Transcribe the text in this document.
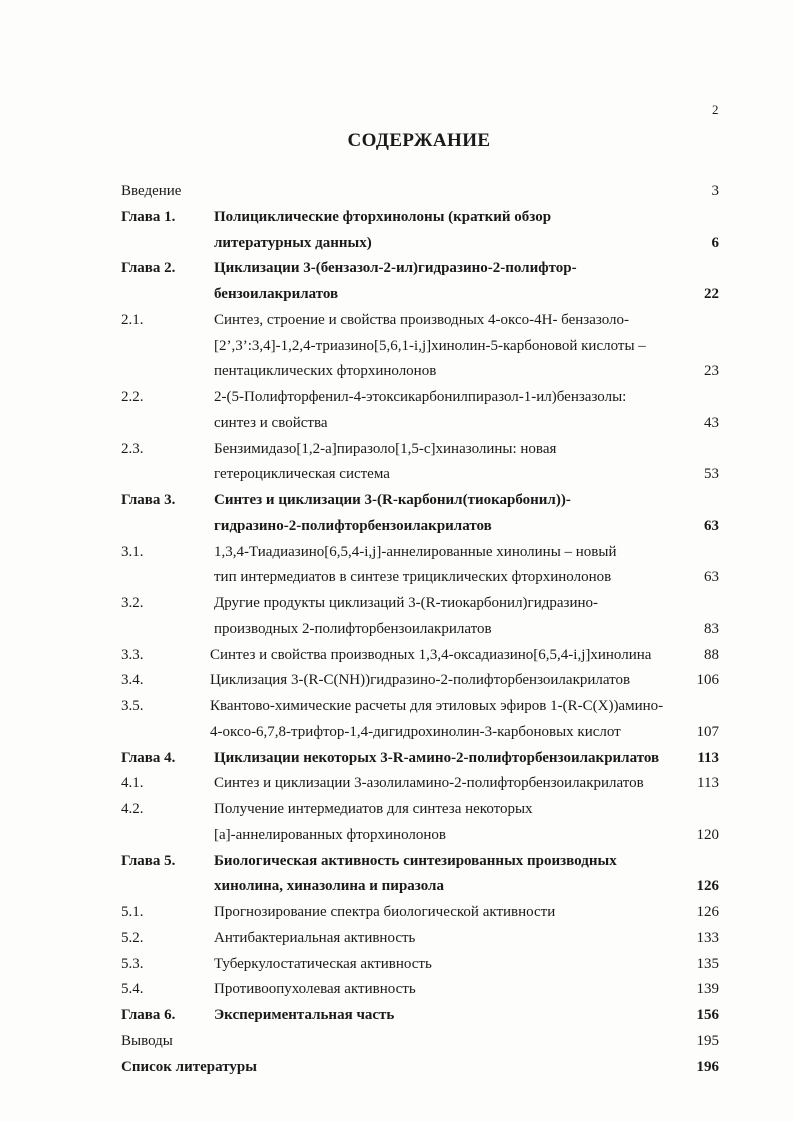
2
СОДЕРЖАНИЕ
Введение	3
Глава 1.	Полициклические фторхинолоны (краткий обзор
литературных данных)	6
Глава 2.	Циклизации 3-(бензазол-2-ил)гидразино-2-полифтор-
бензоилакрилатов	22
2.1.	Синтез, строение и свойства производных 4-оксо-4H- бензазоло-
[2’,3’:3,4]-1,2,4-триазино[5,6,1-i,j]хинолин-5-карбоновой кислоты –
пентациклических фторхинолонов	23
2.2.	2-(5-Полифторфенил-4-этоксикарбонилпиразол-1-ил)бензазолы:
синтез и свойства	43
2.3.	Бензимидазо[1,2-a]пиразоло[1,5-c]хиназолины: новая
гетероциклическая система	53
Глава 3.	Синтез и циклизации 3-(R-карбонил(тиокарбонил))-
гидразино-2-полифторбензоилакрилатов	63
3.1.	1,3,4-Тиадиазино[6,5,4-i,j]-аннелированные хинолины – новый
тип интермедиатов в синтезе трициклических фторхинолонов	63
3.2.	Другие продукты циклизаций 3-(R-тиокарбонил)гидразино-
производных 2-полифторбензоилакрилатов	83
3.3.	Синтез и свойства производных 1,3,4-оксадиазино[6,5,4-i,j]хинолина	88
3.4.	Циклизация 3-(R-C(NH))гидразино-2-полифторбензоилакрилатов	106
3.5.	Квантово-химические расчеты для этиловых эфиров 1-(R-C(X))амино-
4-оксо-6,7,8-трифтор-1,4-дигидрохинолин-3-карбоновых кислот	107
Глава 4.	Циклизации некоторых 3-R-амино-2-полифторбензоилакрилатов	113
4.1.	Синтез и циклизации 3-азолиламино-2-полифторбензоилакрилатов	113
4.2.	Получение интермедиатов для синтеза некоторых
[a]-аннелированных фторхинолонов	120
Глава 5.	Биологическая активность синтезированных производных
хинолина, хиназолина и пиразола	126
5.1.	Прогнозирование спектра биологической активности	126
5.2.	Антибактериальная активность	133
5.3.	Туберкулостатическая активность	135
5.4.	Противоопухолевая активность	139
Глава 6.	Экспериментальная часть	156
Выводы	195
Список литературы	196
